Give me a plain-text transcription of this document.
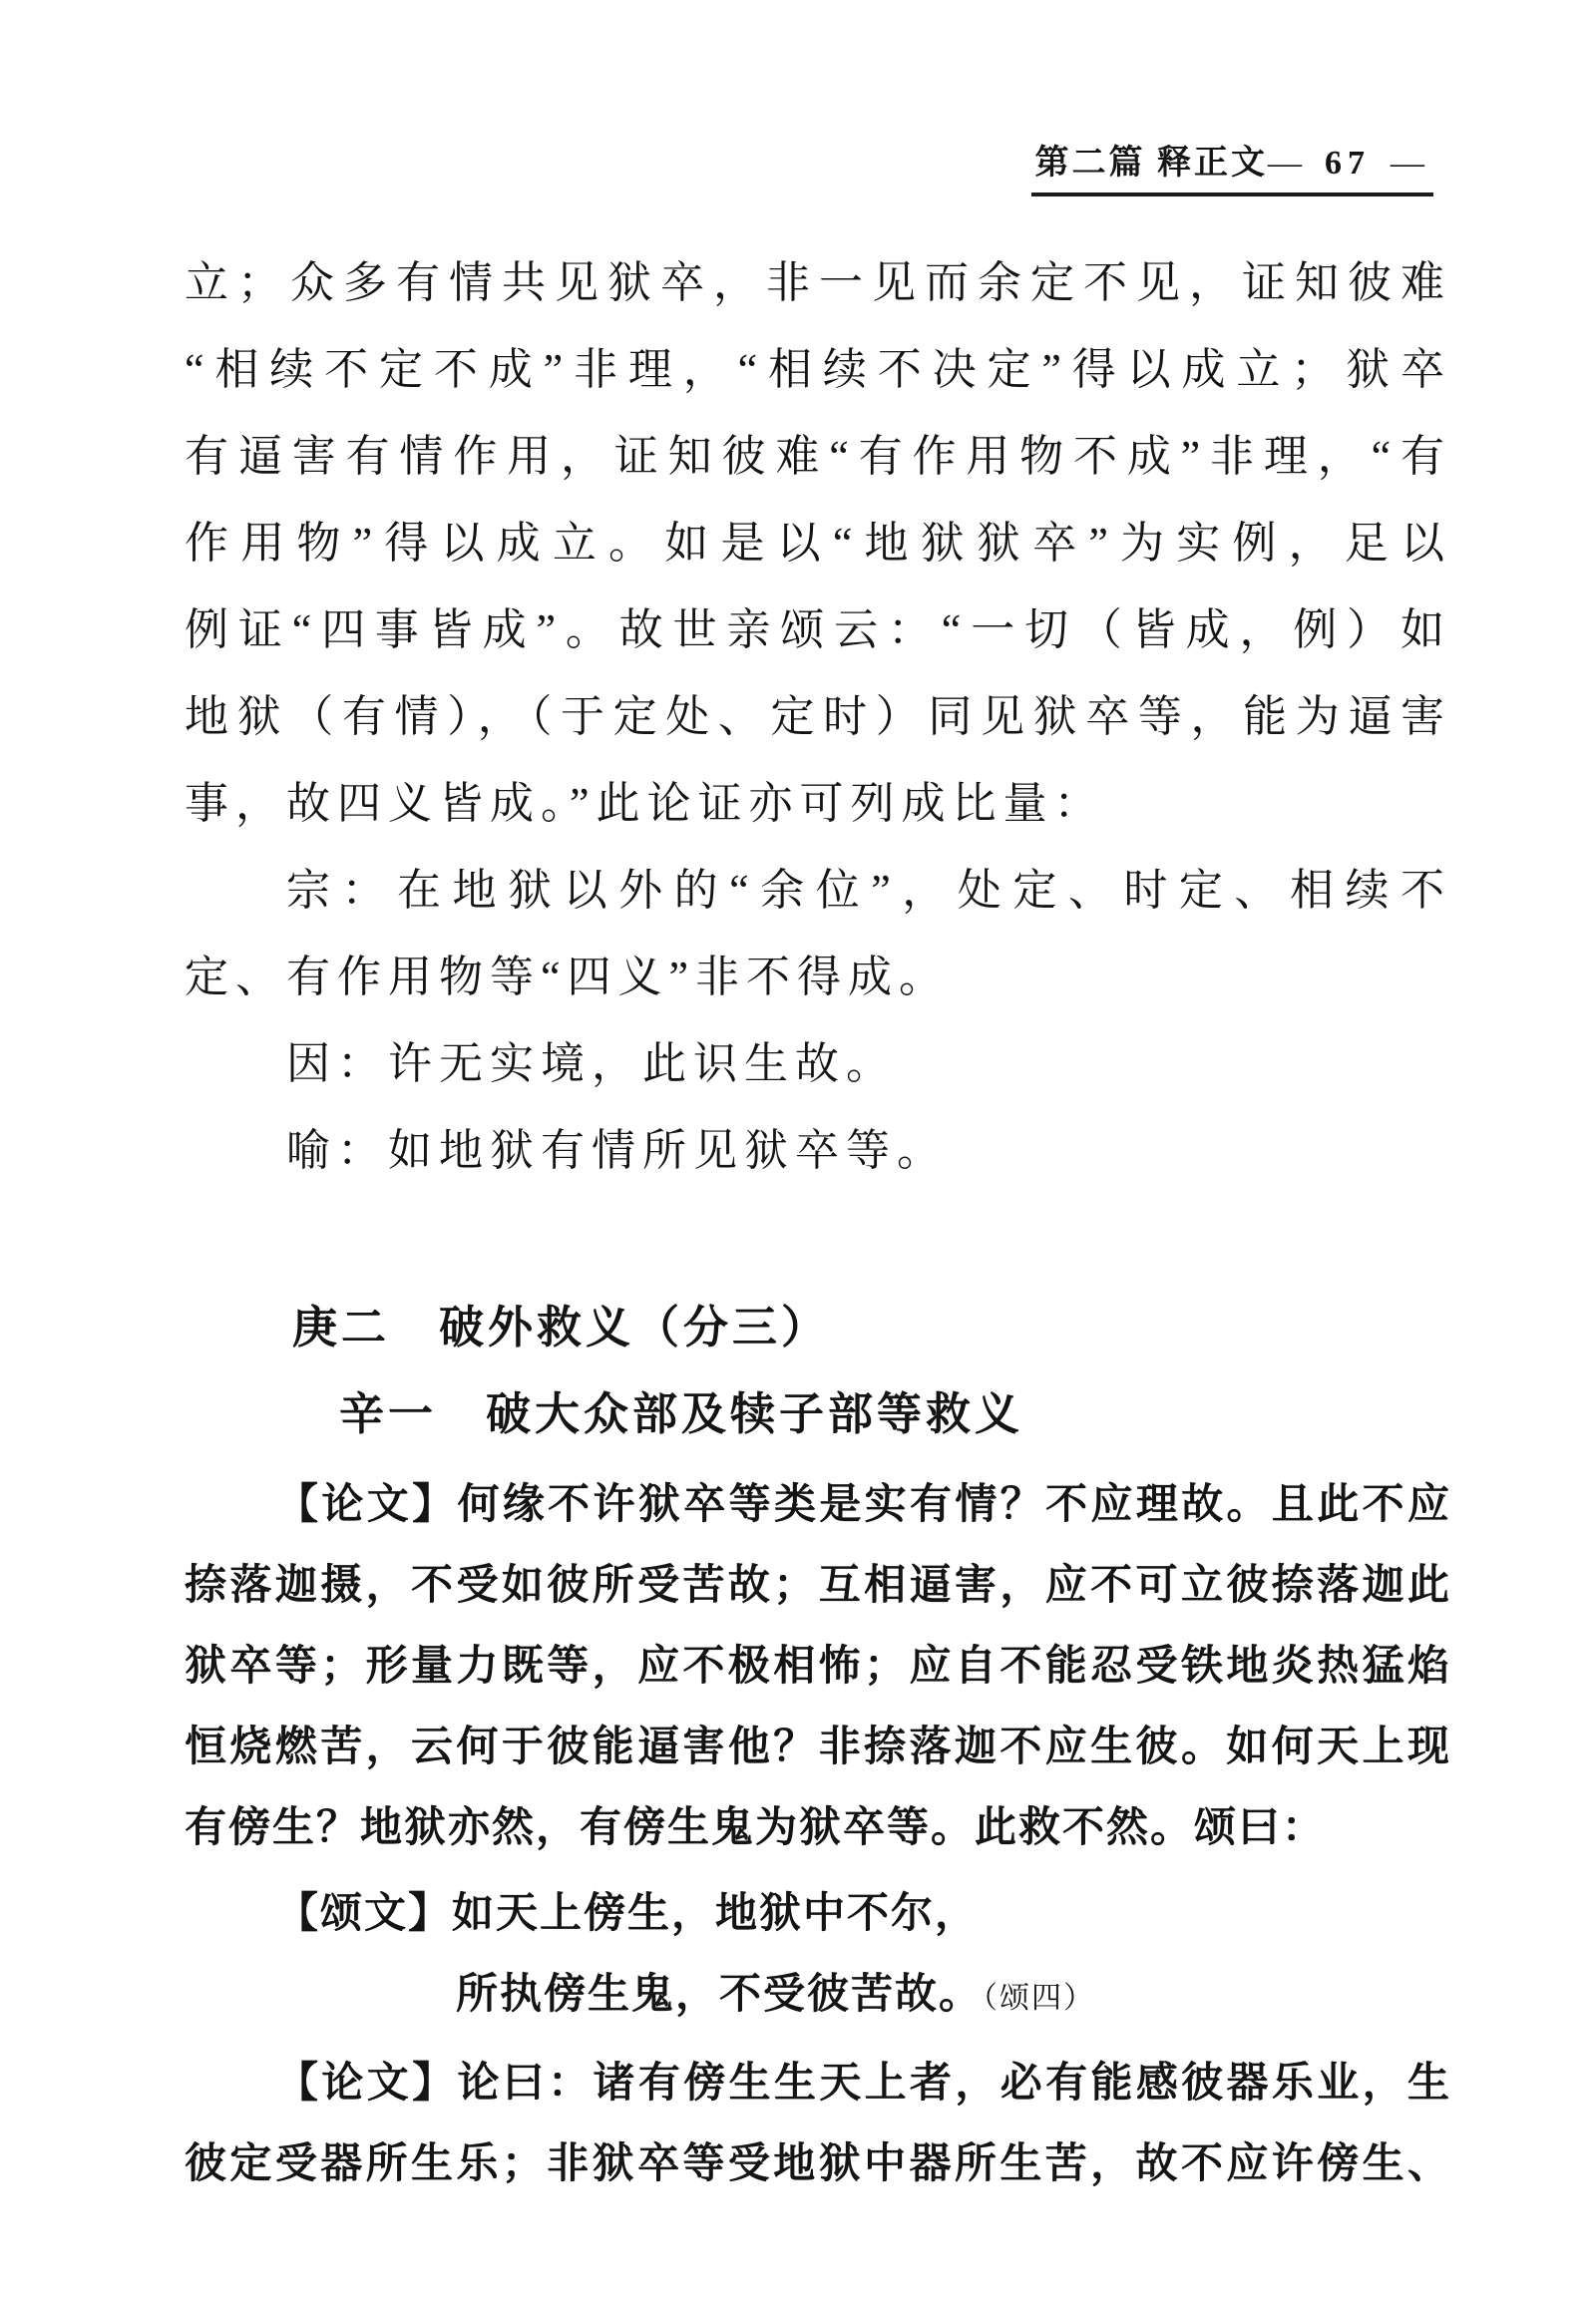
第二篇 释正文— 67 —
立；众多有情共见狱卒，非一见而余定不见，证知彼难
“相续不定不成”非理，“相续不决定”得以成立；狱卒
有逼害有情作用，证知彼难“有作用物不成”非理，“有
作用物”得以成立。如是以“地狱狱卒”为实例，足以
例证“四事皆成”。故世亲颂云：“一切（皆成，例）如
地狱（有情），（于定处、定时）同见狱卒等，能为逼害
事，故四义皆成。”此论证亦可列成比量：
宗：在地狱以外的“余位”，处定、时定、相续不
定、有作用物等“四义”非不得成。
因：许无实境，此识生故。
喻：如地狱有情所见狱卒等。
庚二　破外救义（分三）
辛一　破大众部及犊子部等救义
【论文】何缘不许狱卒等类是实有情？不应理故。且此不应
捺落迦摄，不受如彼所受苦故；互相逼害，应不可立彼捺落迦此
狱卒等；形量力既等，应不极相怖；应自不能忍受铁地炎热猛焰
恒烧燃苦，云何于彼能逼害他？非捺落迦不应生彼。如何天上现
有傍生？地狱亦然，有傍生鬼为狱卒等。此救不然。颂曰：
【颂文】如天上傍生，地狱中不尔，
所执傍生鬼，不受彼苦故。（颂四）
【论文】论曰：诸有傍生生天上者，必有能感彼器乐业，生
彼定受器所生乐；非狱卒等受地狱中器所生苦，故不应许傍生、
